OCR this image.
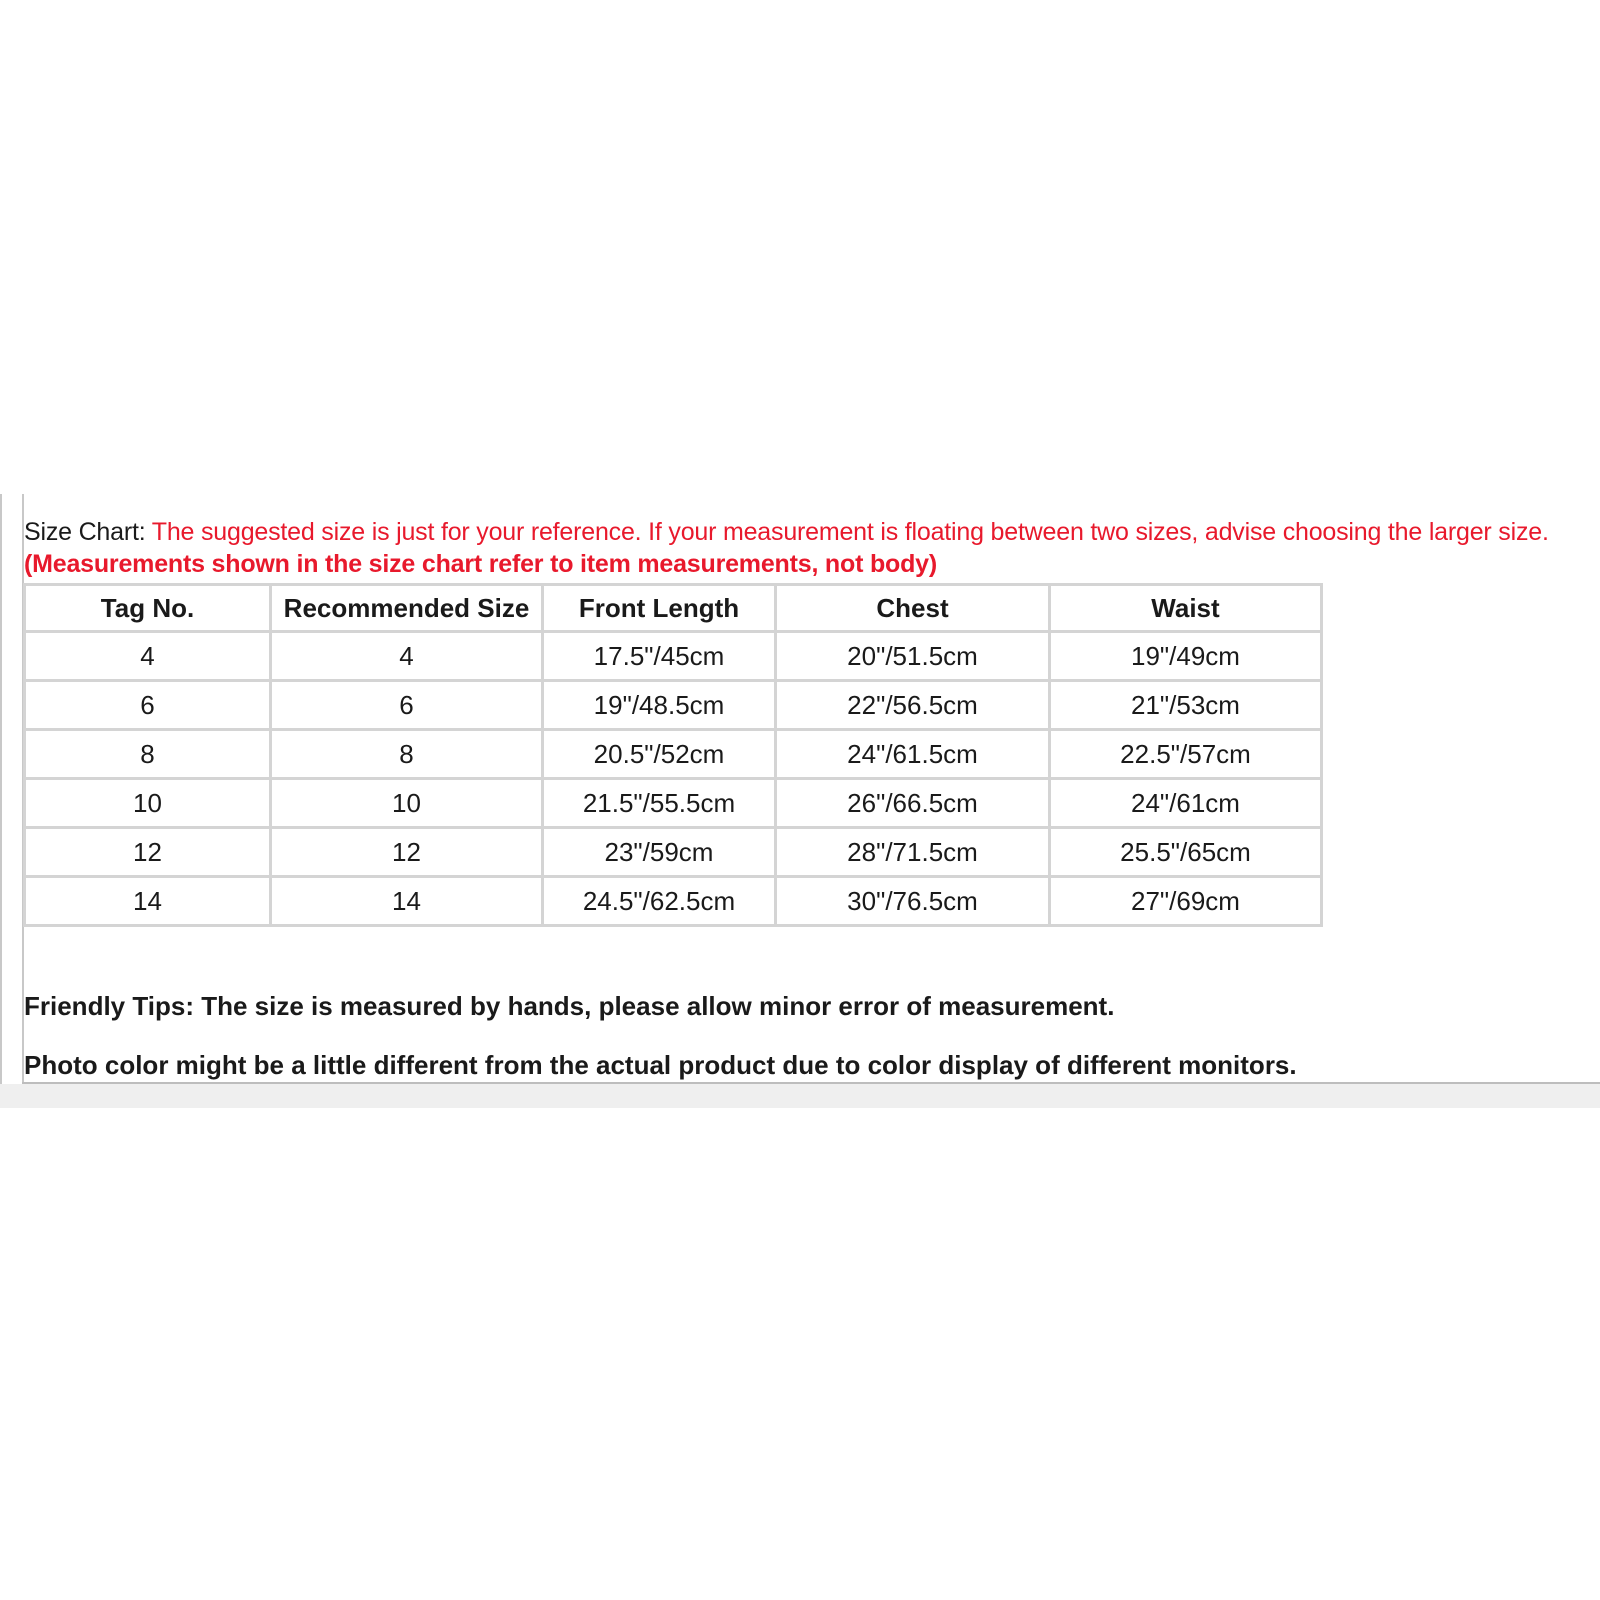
Size Chart: The suggested size is just for your reference. If your measurement is floating between two sizes, advise choosing the larger size. (Measurements shown in the size chart refer to item measurements, not body)
Tag No.	Recommended Size	Front Length	Chest	Waist
4	4	17.5"/45cm	20"/51.5cm	19"/49cm
6	6	19"/48.5cm	22"/56.5cm	21"/53cm
8	8	20.5"/52cm	24"/61.5cm	22.5"/57cm
10	10	21.5"/55.5cm	26"/66.5cm	24"/61cm
12	12	23"/59cm	28"/71.5cm	25.5"/65cm
14	14	24.5"/62.5cm	30"/76.5cm	27"/69cm
Friendly Tips: The size is measured by hands, please allow minor error of measurement.
Photo color might be a little different from the actual product due to color display of different monitors.
